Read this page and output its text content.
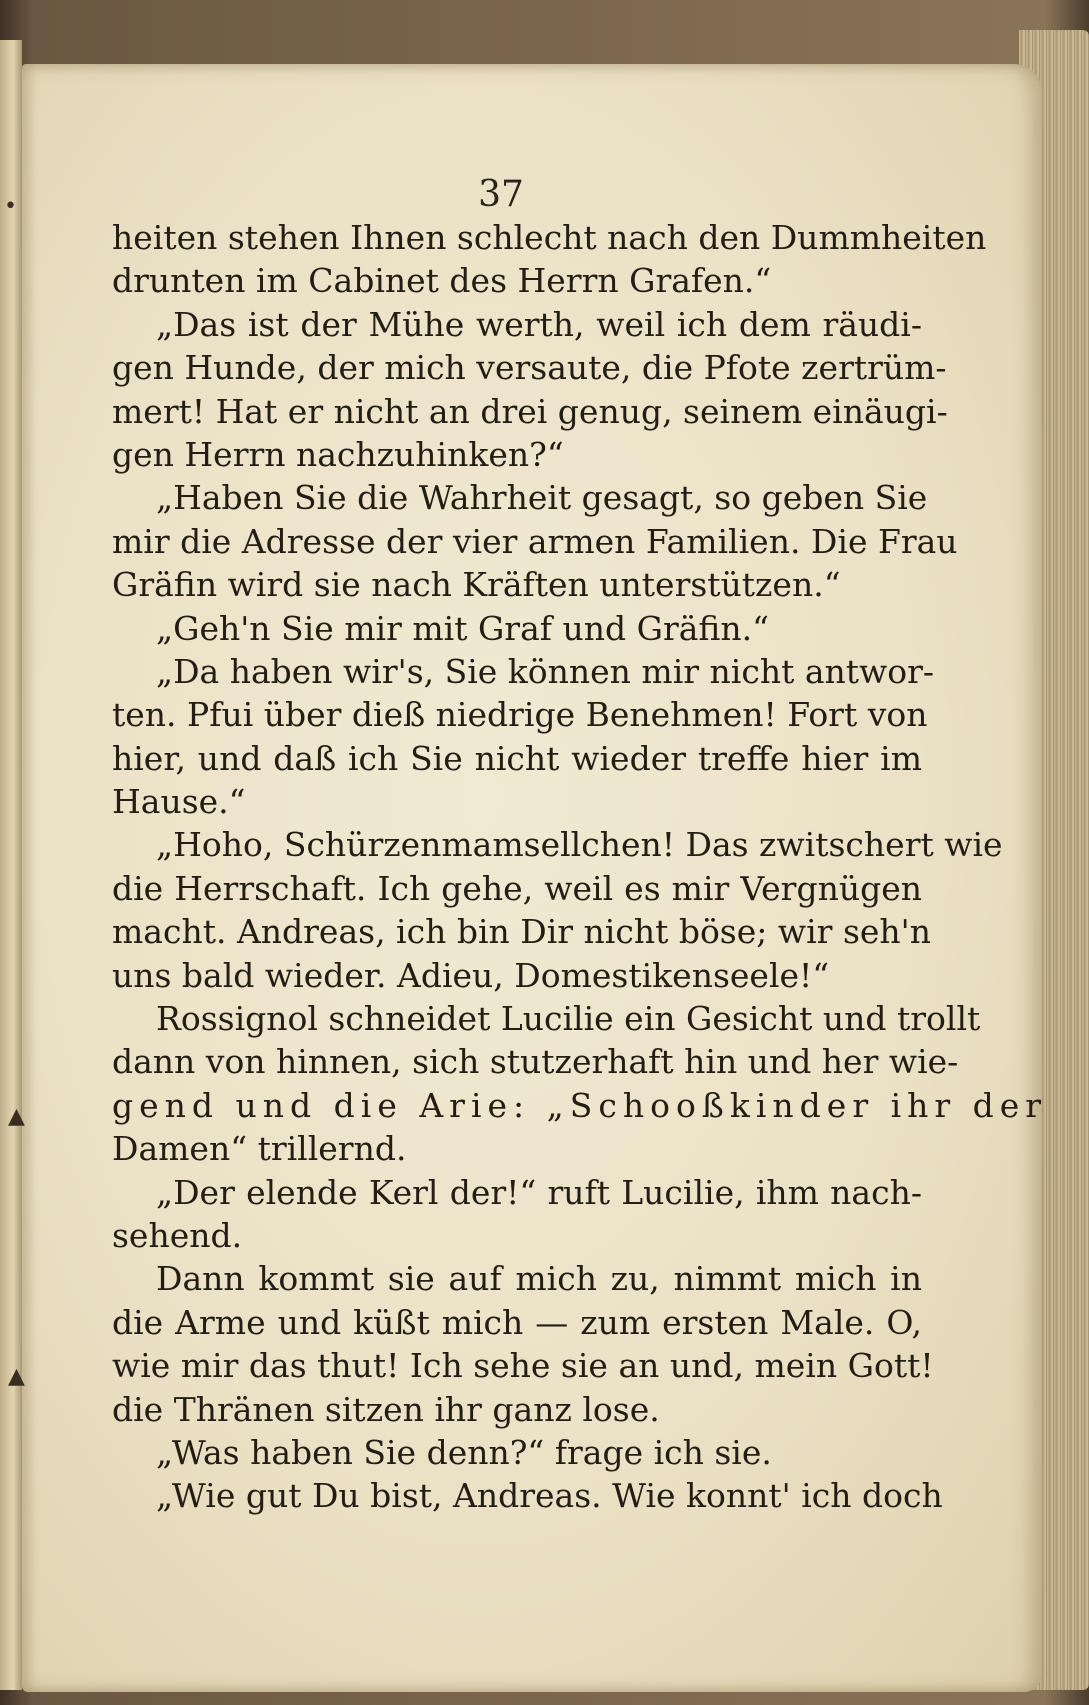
37
•
▲
▲
heiten stehen Ihnen schlecht nach den Dummheiten
drunten im Cabinet des Herrn Grafen.“
„Das ist der Mühe werth, weil ich dem räudi-
gen Hunde, der mich versaute, die Pfote zertrüm-
mert! Hat er nicht an drei genug, seinem einäugi-
gen Herrn nachzuhinken?“
„Haben Sie die Wahrheit gesagt, so geben Sie
mir die Adresse der vier armen Familien. Die Frau
Gräfin wird sie nach Kräften unterstützen.“
„Geh'n Sie mir mit Graf und Gräfin.“
„Da haben wir's, Sie können mir nicht antwor-
ten. Pfui über dieß niedrige Benehmen! Fort von
hier, und daß ich Sie nicht wieder treffe hier im
Hause.“
„Hoho, Schürzenmamsellchen! Das zwitschert wie
die Herrschaft. Ich gehe, weil es mir Vergnügen
macht. Andreas, ich bin Dir nicht böse; wir seh'n
uns bald wieder. Adieu, Domestikenseele!“
Rossignol schneidet Lucilie ein Gesicht und trollt
dann von hinnen, sich stutzerhaft hin und her wie-
gend und die Arie: „Schooßkinder ihr der
Damen“ trillernd.
„Der elende Kerl der!“ ruft Lucilie, ihm nach-
sehend.
Dann kommt sie auf mich zu, nimmt mich in
die Arme und küßt mich — zum ersten Male. O,
wie mir das thut! Ich sehe sie an und, mein Gott!
die Thränen sitzen ihr ganz lose.
„Was haben Sie denn?“ frage ich sie.
„Wie gut Du bist, Andreas. Wie konnt' ich doch
